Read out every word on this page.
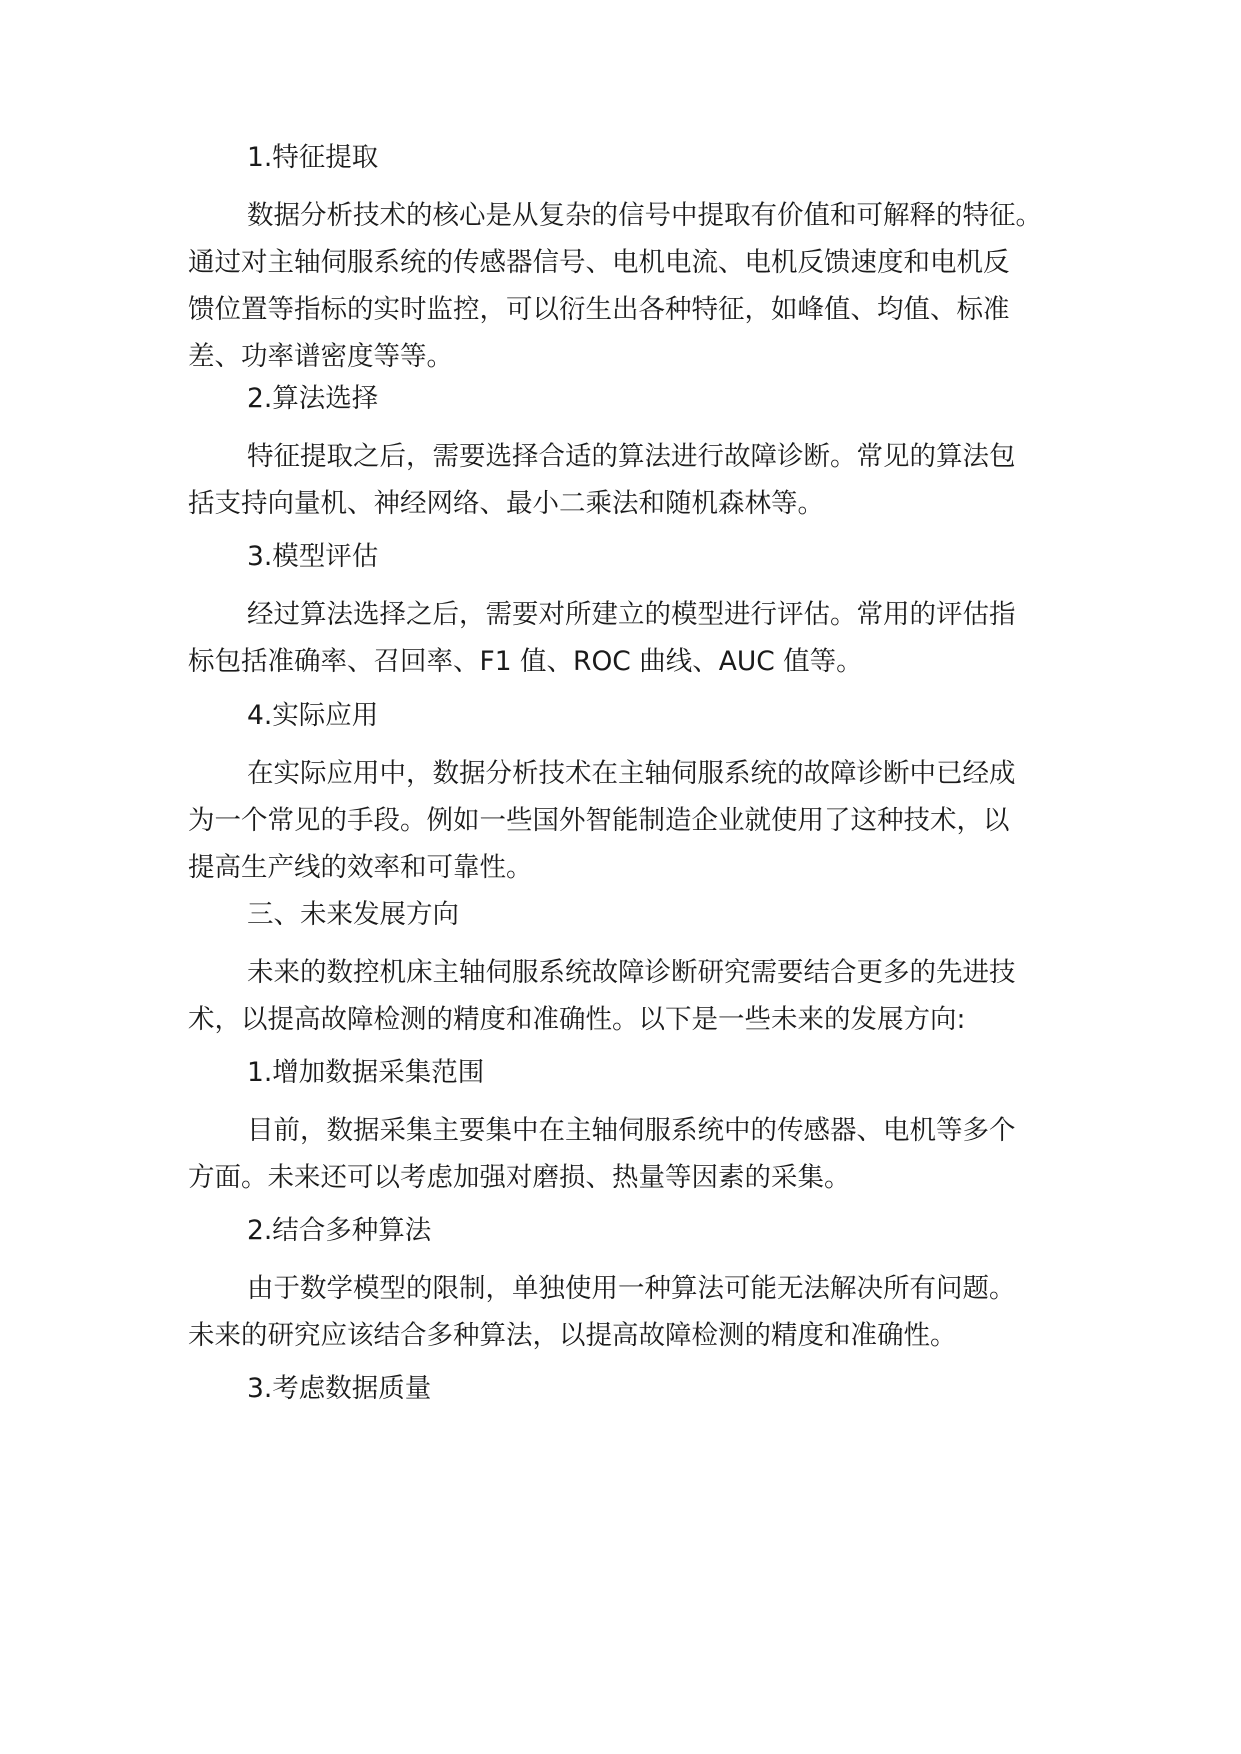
1.特征提取
数据分析技术的核心是从复杂的信号中提取有价值和可解释的特征。
通过对主轴伺服系统的传感器信号、电机电流、电机反馈速度和电机反
馈位置等指标的实时监控，可以衍生出各种特征，如峰值、均值、标准
差、功率谱密度等等。
2.算法选择
特征提取之后，需要选择合适的算法进行故障诊断。常见的算法包
括支持向量机、神经网络、最小二乘法和随机森林等。
3.模型评估
经过算法选择之后，需要对所建立的模型进行评估。常用的评估指
标包括准确率、召回率、F1 值、ROC 曲线、AUC 值等。
4.实际应用
在实际应用中，数据分析技术在主轴伺服系统的故障诊断中已经成
为一个常见的手段。例如一些国外智能制造企业就使用了这种技术，以
提高生产线的效率和可靠性。
三、未来发展方向
未来的数控机床主轴伺服系统故障诊断研究需要结合更多的先进技
术，以提高故障检测的精度和准确性。以下是一些未来的发展方向:
1.增加数据采集范围
目前，数据采集主要集中在主轴伺服系统中的传感器、电机等多个
方面。未来还可以考虑加强对磨损、热量等因素的采集。
2.结合多种算法
由于数学模型的限制，单独使用一种算法可能无法解决所有问题。
未来的研究应该结合多种算法，以提高故障检测的精度和准确性。
3.考虑数据质量
